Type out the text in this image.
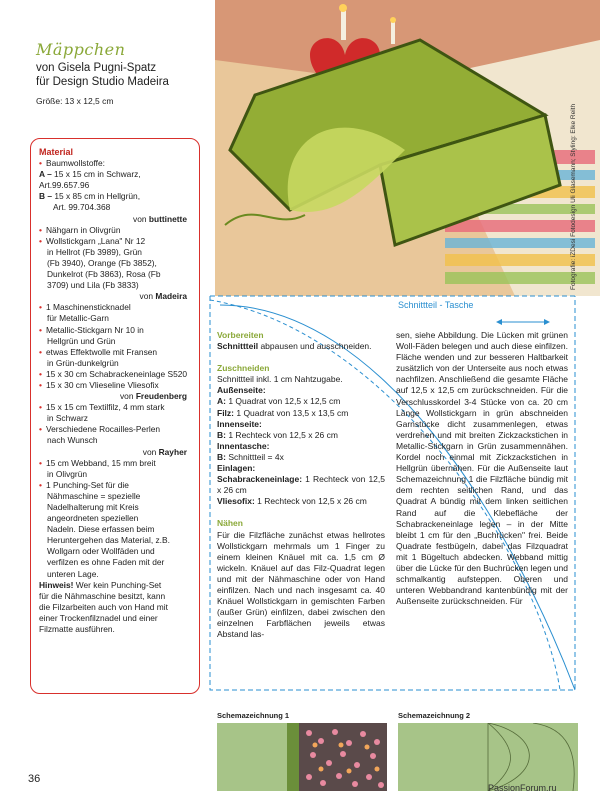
Mäppchen
von Gisela Pugni-Spatz
für Design Studio Madeira
Größe: 13 x 12,5 cm
Material
• Baumwollstoffe:
A – 15 x 15 cm in Schwarz,
Art.99.657.96
B – 15 x 85 cm in Hellgrün,
Art. 99.704.368
von buttinette
• Nähgarn in Olivgrün
• Wollstickgarn „Lana" Nr 12
in Hellrot (Fb 3989), Grün
(Fb 3940), Orange (Fb 3852),
Dunkelrot (Fb 3863), Rosa (Fb
3709) und Lila (Fb 3833)
von Madeira
• 1 Maschinensticknadel
für Metallic-Garn
• Metallic-Stickgarn Nr 10 in
Hellgrün und Grün
• etwas Effektwolle mit Fransen
in Grün-dunkelgrün
• 15 x 30 cm Schabrackeneinlage S520
• 15 x 30 cm Vlieseline Vliesofix
von Freudenberg
• 15 x 15 cm Textilfilz, 4 mm stark
in Schwarz
• Verschiedene Rocailles-Perlen
nach Wunsch
von Rayher
• 15 cm Webband, 15 mm breit
in Olivgrün
• 1 Punching-Set für die
Nähmaschine = spezielle
Nadelhalterung mit Kreis
angeordneten speziellen
Nadeln. Diese erfassen beim
Heruntergehen das Material, z.B.
Wollgarn oder Wollfäden und
verfilzen es ohne Faden mit der
unteren Lage.
Hinweis! Wer kein Punching-Set
für die Nähmaschine besitzt, kann
die Filzarbeiten auch von Hand mit
einer Trockenfilznadel und einer
Filzmatte ausführen.
Fotografie: iZDesi Fotodesign Uli Glasemann; Styling: Elke Reith
Schnittteil - Tasche
Vorbereiten
Schnittteil abpausen und ausschneiden.
Zuschneiden
Schnittteil inkl. 1 cm Nahtzugabe.
Außenseite:
A: 1 Quadrat von 12,5 x 12,5 cm
Filz: 1 Quadrat von 13,5 x 13,5 cm
Innenseite:
B: 1 Rechteck von 12,5 x 26 cm
Innentasche:
B: Schnittteil = 4x
Einlagen:
Schabrackeneinlage: 1 Rechteck von 12,5 x 26 cm
Vliesofix: 1 Rechteck von 12,5 x 26 cm
Nähen
Für die Filzfläche zunächst etwas hellrotes Wollstickgarn mehrmals um 1 Finger zu einem kleinen Knäuel mit ca. 1,5 cm Ø wickeln. Knäuel auf das Filz-Quadrat legen und mit der Nähmaschine oder von Hand einfilzen. Nach und nach insgesamt ca. 40 Knäuel Wollstickgarn in gemischten Farben (außer Grün) einfilzen, dabei zwischen den einzelnen Farbflächen jeweils etwas Abstand las-
sen, siehe Abbildung. Die Lücken mit grünen Woll-Fäden belegen und auch diese einfilzen. Fläche wenden und zur besseren Haltbarkeit zusätzlich von der Unterseite aus noch etwas nachfilzen. Anschließend die gesamte Fläche auf 12,5 x 12,5 cm zurückschneiden. Für die Verschlusskordel 3-4 Stücke von ca. 20 cm Länge Wollstickgarn in grün abschneiden Garnstücke dicht zusammenlegen, etwas verdrehen und mit breiten Zickzackstichen in Metallic-Stickgarn in Grün zusammennähen. Kordel noch einmal mit Zickzackstichen in Hellgrün übernähen. Für die Außenseite laut Schemazeichnung 1 die Filzfläche bündig mit dem rechten seitlichen Rand, und das Quadrat A bündig mit dem linken seitlichen Rand auf die Klebefläche der Schabrackeneinlage legen – in der Mitte bleibt 1 cm für den „Buchrücken" frei. Beide Quadrate festbügeln, dabei das Filzquadrat mit 1 Bügeltuch abdecken. Webband mittig über die Lücke für den Buchrücken legen und schmalkantig aufsteppen. Oberen und unteren Webbandrand kantenbündig mit der Außenseite zurückschneiden. Für
Schemazeichnung 1	Schemazeichnung 2
36
PassionForum.ru
